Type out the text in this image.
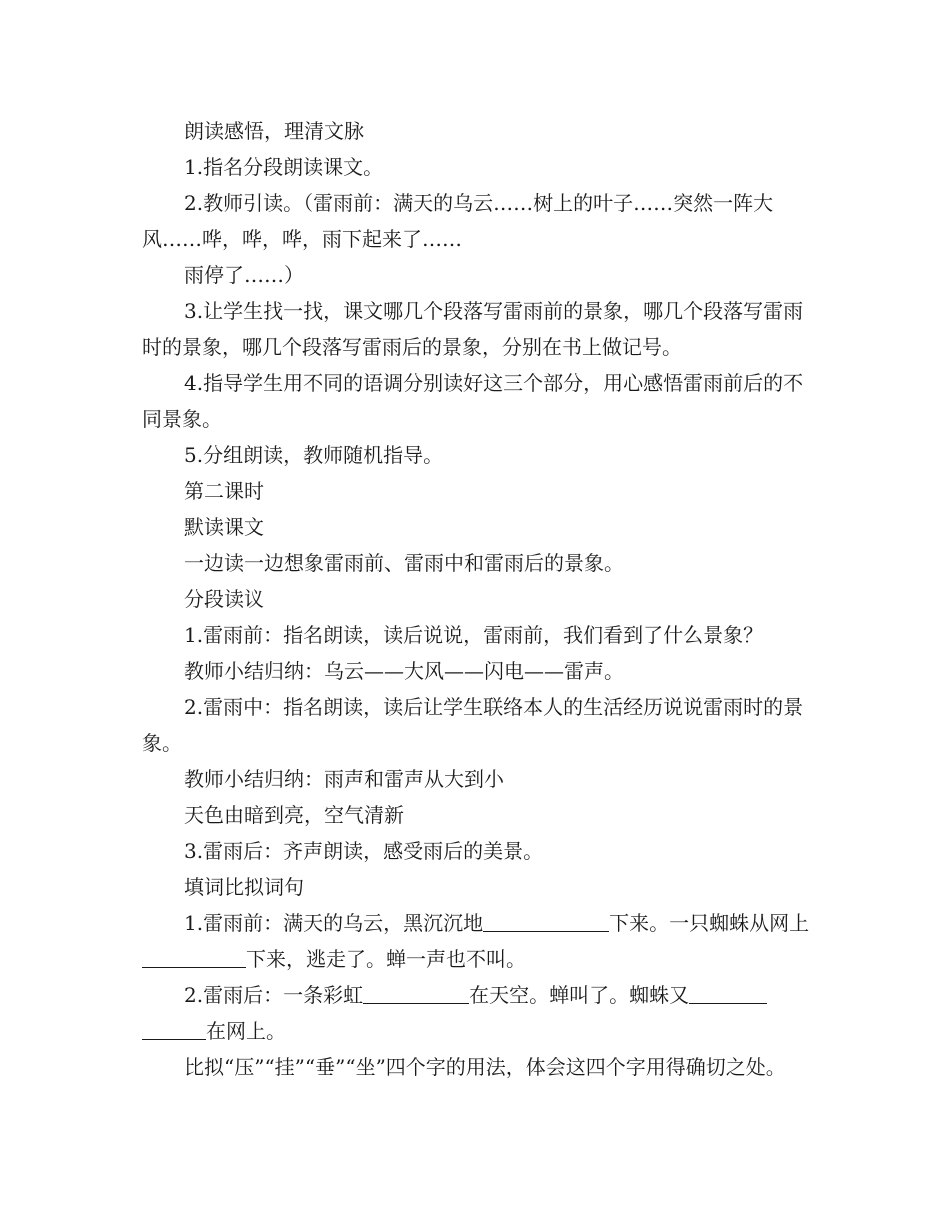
朗读感悟，理清文脉

1.指名分段朗读课文。

2.教师引读。（雷雨前：满天的乌云……树上的叶子……突然一阵大风……哗，哗，哗，雨下起来了……

雨停了……）

3.让学生找一找，课文哪几个段落写雷雨前的景象，哪几个段落写雷雨时的景象，哪几个段落写雷雨后的景象，分别在书上做记号。

4.指导学生用不同的语调分别读好这三个部分，用心感悟雷雨前后的不同景象。

5.分组朗读，教师随机指导。

第二课时

默读课文

一边读一边想象雷雨前、雷雨中和雷雨后的景象。

分段读议

1.雷雨前：指名朗读，读后说说，雷雨前，我们看到了什么景象？

教师小结归纳：乌云——大风——闪电——雷声。

2.雷雨中：指名朗读，读后让学生联络本人的生活经历说说雷雨时的景象。

教师小结归纳：雨声和雷声从大到小

天色由暗到亮，空气清新

3.雷雨后：齐声朗读，感受雨后的美景。

填词比拟词句

1.雷雨前：满天的乌云，黑沉沉地	下来。一只蜘蛛从网上下来，逃走了。蝉一声也不叫。

2.雷雨后：一条彩虹	在天空。蝉叫了。蜘蛛又在网上。

比拟“压”“挂”“垂”“坐”四个字的用法，体会这四个字用得确切之处。
